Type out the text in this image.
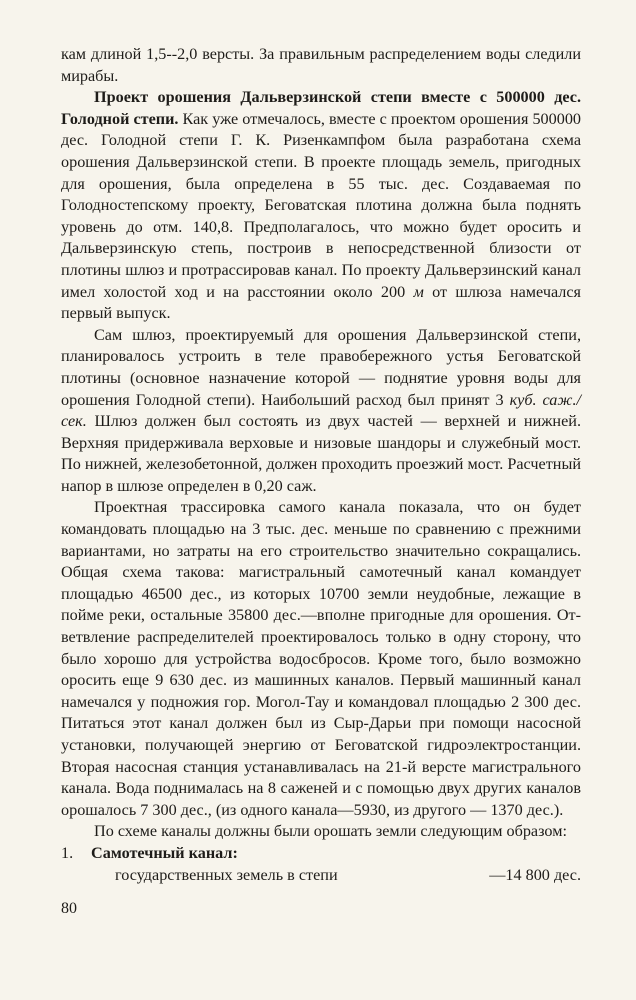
кам длиной 1,5--2,0 версты. За правильным распределением воды следили мирабы.

Проект орошения Дальверзинской степи вместе с 500000 дес. Голодной степи. Как уже отмечалось, вместе с проектом орошения 500000 дес. Голодной степи Г. К. Ризенкампфом была разработана схема орошения Дальверзинской степи. В проекте площадь земель, пригодных для орошения, была определена в 55 тыс. дес. Создаваемая по Голодностепскому проекту, Беговатская плотина должна была поднять уровень до отм. 140,8. Предполагалось, что можно будет оросить и Дальверзинскую степь, построив в непосредственной близости от плотины шлюз и протрассировав канал. По проекту Дальверзинский канал имел холостой ход и на расстоянии около 200 м от шлюза намечался первый выпуск.

Сам шлюз, проектируемый для орошения Дальверзинской степи, планировалось устроить в теле правобережного устья Беговатской плотины (основное назначение которой — поднятие уровня воды для орошения Голодной степи). Наибольший расход был принят 3 куб. саж./сек. Шлюз должен был состоять из двух частей — верхней и нижней. Верхняя придерживала верховые и низовые шандоры и служебный мост. По нижней, железобетонной, должен проходить проезжий мост. Расчетный напор в шлюзе определен в 0,20 саж.

Проектная трассировка самого канала показала, что он будет командовать площадью на 3 тыс. дес. меньше по сравнению с прежними вариантами, но затраты на его строительство значительно сокращались. Общая схема такова: магистральный самотечный канал командует площадью 46500 дес., из которых 10700 земли неудобные, лежащие в пойме реки, остальные 35800 дес.—вполне пригодные для орошения. Ответвление распределителей проектировалось только в одну сторону, что было хорошо для устройства водосбросов. Кроме того, было возможно оросить еще 9 630 дес. из машинных каналов. Первый машинный канал намечался у подножия гор. Могол-Тау и командовал площадью 2 300 дес. Питаться этот канал должен был из Сыр-Дарьи при помощи насосной установки, получающей энергию от Беговатской гидроэлектростанции. Вторая насосная станция устанавливалась на 21-й версте магистрального канала. Вода поднималась на 8 саженей и с помощью двух других каналов орошалось 7 300 дес., (из одного канала—5930, из другого — 1370 дес.).

По схеме каналы должны были орошать земли следующим образом:

1.	Самотечный канал:
государственных земель в степи	—14 800 дес.
80
